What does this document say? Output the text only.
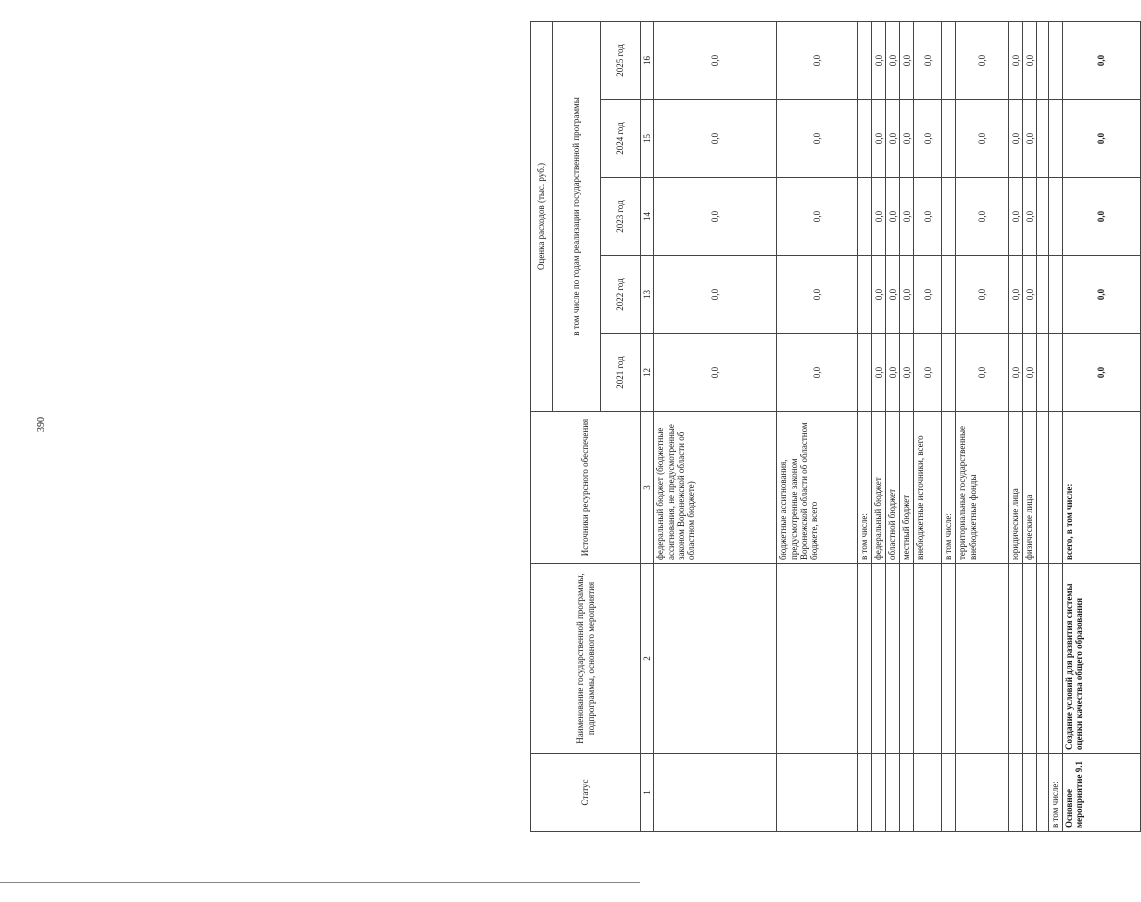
390
Статус	Наименование государственной программы, подпрограммы, основного мероприятия	Источники ресурсного обеспечения	Оценка расходов (тыс. руб.)				
			в том числе по годам реализации государственной программы				
			2021 год	2022 год	2023 год	2024 год	2025 год
1	2	3	12	13	14	15	16
		федеральный бюджет (бюджетные ассигнования, не предусмотренные законом Воронежской области об областном бюджете)	0,0	0,0	0,0	0,0	0,0
		бюджетные ассигнования, предусмотренные законом Воронежской области об областном бюджете, всего	0,0	0,0	0,0	0,0	0,0
		в том числе:					
		федеральный бюджет	0,0	0,0	0,0	0,0	0,0
		областной бюджет	0,0	0,0	0,0	0,0	0,0
		местный бюджет	0,0	0,0	0,0	0,0	0,0
		внебюджетные источники, всего	0,0	0,0	0,0	0,0	0,0
		в том числе:					
		территориальные государственные внебюджетные фонды	0,0	0,0	0,0	0,0	0,0
		юридические лица	0,0	0,0	0,0	0,0	0,0
		физические лица	0,0	0,0	0,0	0,0	0,0

в том числе:							
Основное мероприятие 9.1	Создание условий для развития системы оценки качества общего образования	всего, в том числе:	0,0	0,0	0,0	0,0	0,0
